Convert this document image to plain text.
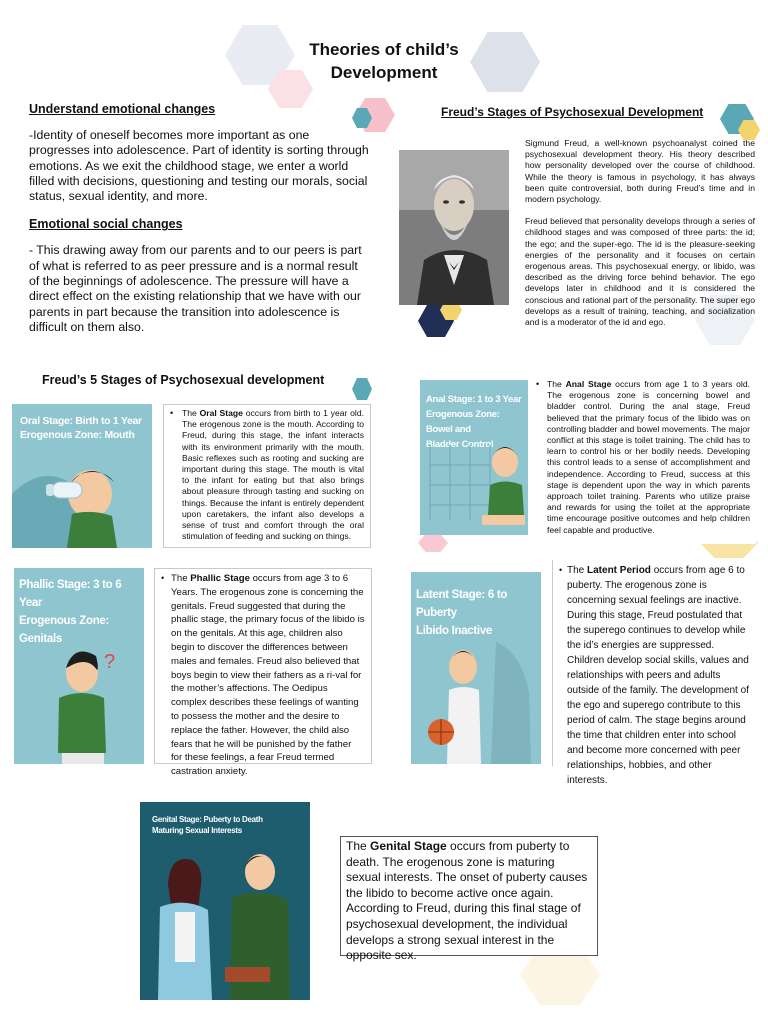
Theories of child’s
Development
Understand emotional changes
-Identity of oneself becomes more important as one progresses into adolescence. Part of identity is sorting through emotions. As we exit the childhood stage, we enter a world filled with decisions, questioning and testing our morals, social status, sexual identity, and more.
Emotional social changes
- This drawing away from our parents and to our peers is part of what is referred to as peer pressure and is a normal result of the beginnings of adolescence. The pressure will have a direct effect on the existing relationship that we have with our parents in part because the transition into adolescence is difficult on them also.
Freud’s Stages of Psychosexual Development
Sigmund Freud, a well-known psychoanalyst coined the psychosexual development theory. His theory described how personality developed over the course of childhood. While the theory is famous in psychology, it has always been quite controversial, both during Freud’s time and in modern psychology.
Freud believed that personality develops through a series of childhood stages and was composed of three parts: the id; the ego; and the super-ego. The id is the pleasure-seeking energies of the personality and it focuses on certain erogenous areas. This psychosexual energy, or libido, was described as the driving force behind behavior. The ego develops later in childhood and it is considered the conscious and rational part of the personality. The super ego develops as a result of training, teaching, and socialization and is a moderator of the id and ego.
Freud’s 5 Stages of Psychosexual development
Oral Stage: Birth to 1 Year
Erogenous Zone: Mouth
• The Oral Stage occurs from birth to 1 year old. The erogenous zone is the mouth. According to Freud, during this stage, the infant interacts with its environment primarily with the mouth. Basic reflexes such as rooting and sucking are important during this stage. The mouth is vital to the infant for eating but that also brings about pleasure through tasting and sucking on things. Because the infant is entirely dependent upon caretakers, the infant also develops a sense of trust and comfort through the oral stimulation of feeding and sucking on things.
Anal Stage: 1 to 3 Year
Erogenous Zone:
Bowel and
Bladder Control
• The Anal Stage occurs from age 1 to 3 years old. The erogenous zone is concerning bowel and bladder control. During the anal stage, Freud believed that the primary focus of the libido was on controlling bladder and bowel movements. The major conflict at this stage is toilet training. The child has to learn to control his or her bodily needs. Developing this control leads to a sense of accomplishment and independence. According to Freud, success at this stage is dependent upon the way in which parents approach toilet training. Parents who utilize praise and rewards for using the toilet at the appropriate time encourage positive outcomes and help children feel capable and productive.
Phallic Stage: 3 to 6 Year
Erogenous Zone: Genitals
?
• The Phallic Stage occurs from age 3 to 6 Years. The erogenous zone is concerning the genitals. Freud suggested that during the phallic stage, the primary focus of the libido is on the genitals. At this age, children also begin to discover the differences between males and females. Freud also believed that boys begin to view their fathers as a ri-val for the mother’s affections. The Oedipus complex describes these feelings of wanting to possess the mother and the desire to replace the father. However, the child also fears that he will be punished by the father for these feelings, a fear Freud termed castration anxiety.
Latent Stage: 6 to Puberty
Libido Inactive
• The Latent Period occurs from age 6 to puberty. The erogenous zone is concerning sexual feelings are inactive. During this stage, Freud postulated that the superego continues to develop while the id’s energies are suppressed. Children develop social skills, values and relationships with peers and adults outside of the family. The development of the ego and superego contribute to this period of calm. The stage begins around the time that children enter into school and become more concerned with peer relationships, hobbies, and other interests.
Genital Stage: Puberty to Death
Maturing Sexual Interests
The Genital Stage occurs from puberty to death. The erogenous zone is maturing sexual interests. The onset of puberty causes the libido to become active once again. According to Freud, during this final stage of psychosexual development, the individual develops a strong sexual interest in the opposite sex.
